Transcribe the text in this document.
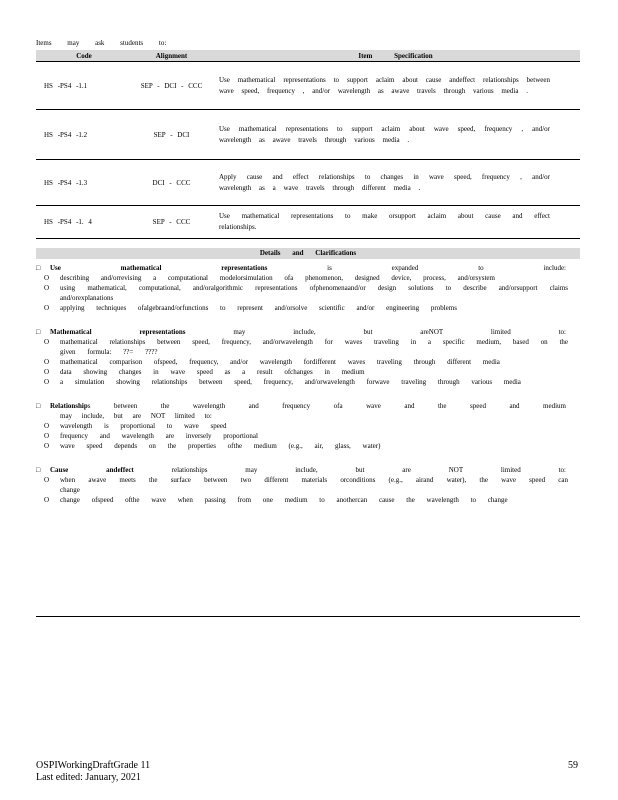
Items may ask students to:
Code	Alignment	Item Specification
HS -PS4 -1.1	SEP - DCI - CCC	Use mathematical representations to support aclaim about cause andeffect relationships between wave speed, frequency , and/or wavelength as awave travels through various media .
HS -PS4 -1.2	SEP - DCI	Use mathematical representations to support aclaim about wave speed, frequency , and/or wavelength as awave travels through various media .
HS -PS4 -1.3	DCI - CCC	Apply cause and effect relationships to changes in wave speed, frequency , and/or wavelength as a wave travels through different media .
HS -PS4 -1. 4	SEP - CCC	Use mathematical representations to make orsupport aclaim about cause and effect relationships.
Details and Clarifications
□	Use mathematical representations is expanded to include:
O	describing and/orrevising a computational modelorsimulation ofa phenomenon, designed device, process, and/orsystem
O	using mathematical, computational, and/oralgorithmic representations ofphenomenaand/or design solutions to describe and/orsupport claims and/orexplanations
O	applying techniques ofalgebraand/orfunctions to represent and/orsolve scientific and/or engineering problems
□	Mathematical representations may include, but areNOT limited to:
O	mathematical relationships between speed, frequency, and/orwavelength for waves traveling in a specific medium, based on the given formula: ??= ????
O	mathematical comparison ofspeed, frequency, and/or wavelength fordifferent waves traveling through different media
O	data showing changes in wave speed as a result ofchanges in medium
O	a simulation showing relationships between speed, frequency, and/orwavelength forwave traveling through various media
□	Relationships between the wavelength and frequency ofa wave and the speed and medium
may include, but are NOT limited to:
O	wavelength is proportional to wave speed
O	frequency and wavelength are inversely proportional
O	wave speed depends on the properties ofthe medium (e.g., air, glass, water)
□	Cause andeffect relationships may include, but are NOT limited to:
O	when awave meets the surface between two different materials orconditions (e.g., airand water), the wave speed can change
O	change ofspeed ofthe wave when passing from one medium to anothercan cause the wavelength to change
OSPIWorkingDraftGrade 11
Last edited: January, 2021
59
